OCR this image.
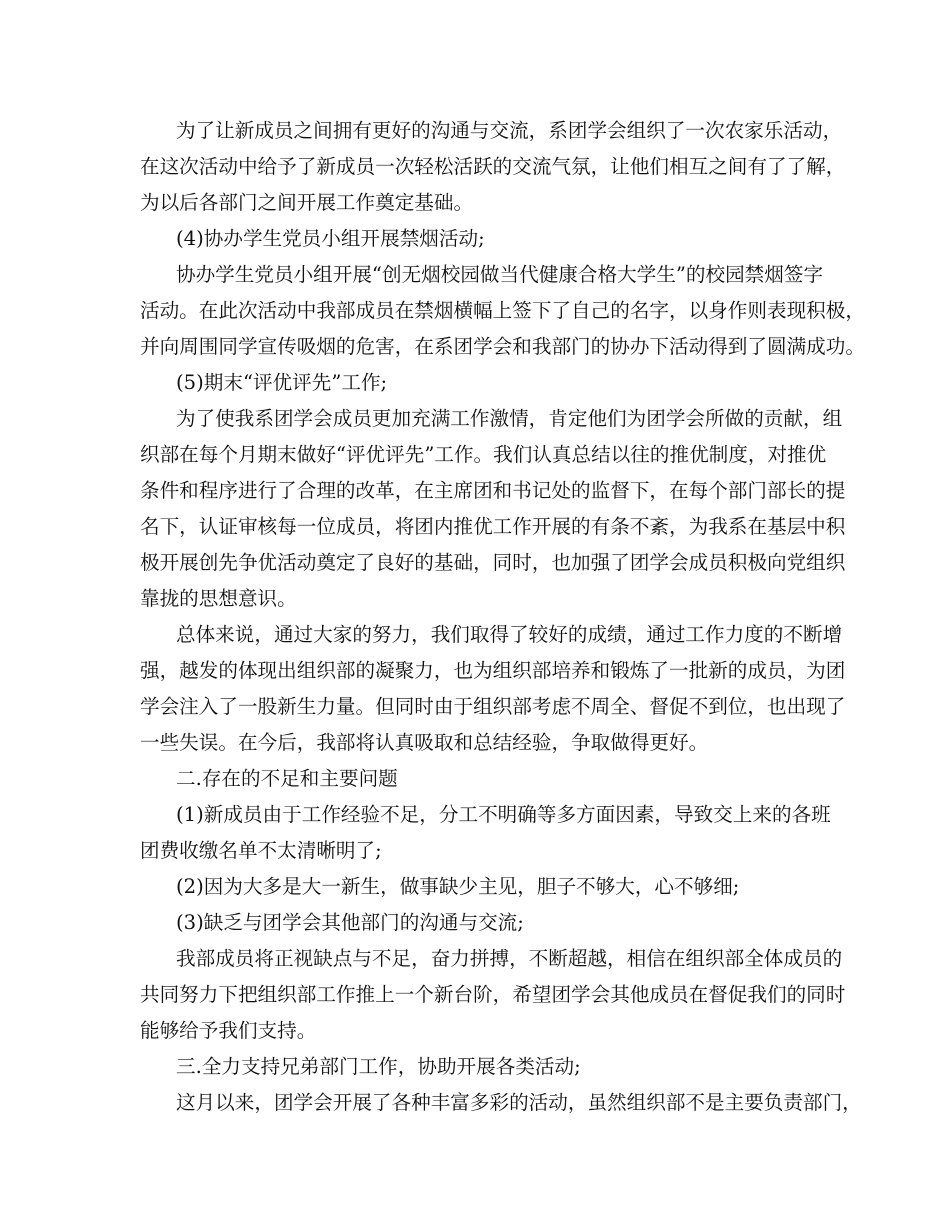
为了让新成员之间拥有更好的沟通与交流，系团学会组织了一次农家乐活动，
在这次活动中给予了新成员一次轻松活跃的交流气氛，让他们相互之间有了了解，
为以后各部门之间开展工作奠定基础。
(4)协办学生党员小组开展禁烟活动;
协办学生党员小组开展“创无烟校园做当代健康合格大学生”的校园禁烟签字
活动。在此次活动中我部成员在禁烟横幅上签下了自己的名字，以身作则表现积极，
并向周围同学宣传吸烟的危害，在系团学会和我部门的协办下活动得到了圆满成功。
(5)期末“评优评先”工作;
为了使我系团学会成员更加充满工作激情，肯定他们为团学会所做的贡献，组
织部在每个月期末做好“评优评先”工作。我们认真总结以往的推优制度，对推优
条件和程序进行了合理的改革，在主席团和书记处的监督下，在每个部门部长的提
名下，认证审核每一位成员，将团内推优工作开展的有条不紊，为我系在基层中积
极开展创先争优活动奠定了良好的基础，同时，也加强了团学会成员积极向党组织
靠拢的思想意识。
总体来说，通过大家的努力，我们取得了较好的成绩，通过工作力度的不断增
强，越发的体现出组织部的凝聚力，也为组织部培养和锻炼了一批新的成员，为团
学会注入了一股新生力量。但同时由于组织部考虑不周全、督促不到位，也出现了
一些失误。在今后，我部将认真吸取和总结经验，争取做得更好。
二.存在的不足和主要问题
(1)新成员由于工作经验不足，分工不明确等多方面因素，导致交上来的各班
团费收缴名单不太清晰明了;
(2)因为大多是大一新生，做事缺少主见，胆子不够大，心不够细;
(3)缺乏与团学会其他部门的沟通与交流;
我部成员将正视缺点与不足，奋力拼搏，不断超越，相信在组织部全体成员的
共同努力下把组织部工作推上一个新台阶，希望团学会其他成员在督促我们的同时
能够给予我们支持。
三.全力支持兄弟部门工作，协助开展各类活动;
这月以来，团学会开展了各种丰富多彩的活动，虽然组织部不是主要负责部门，
